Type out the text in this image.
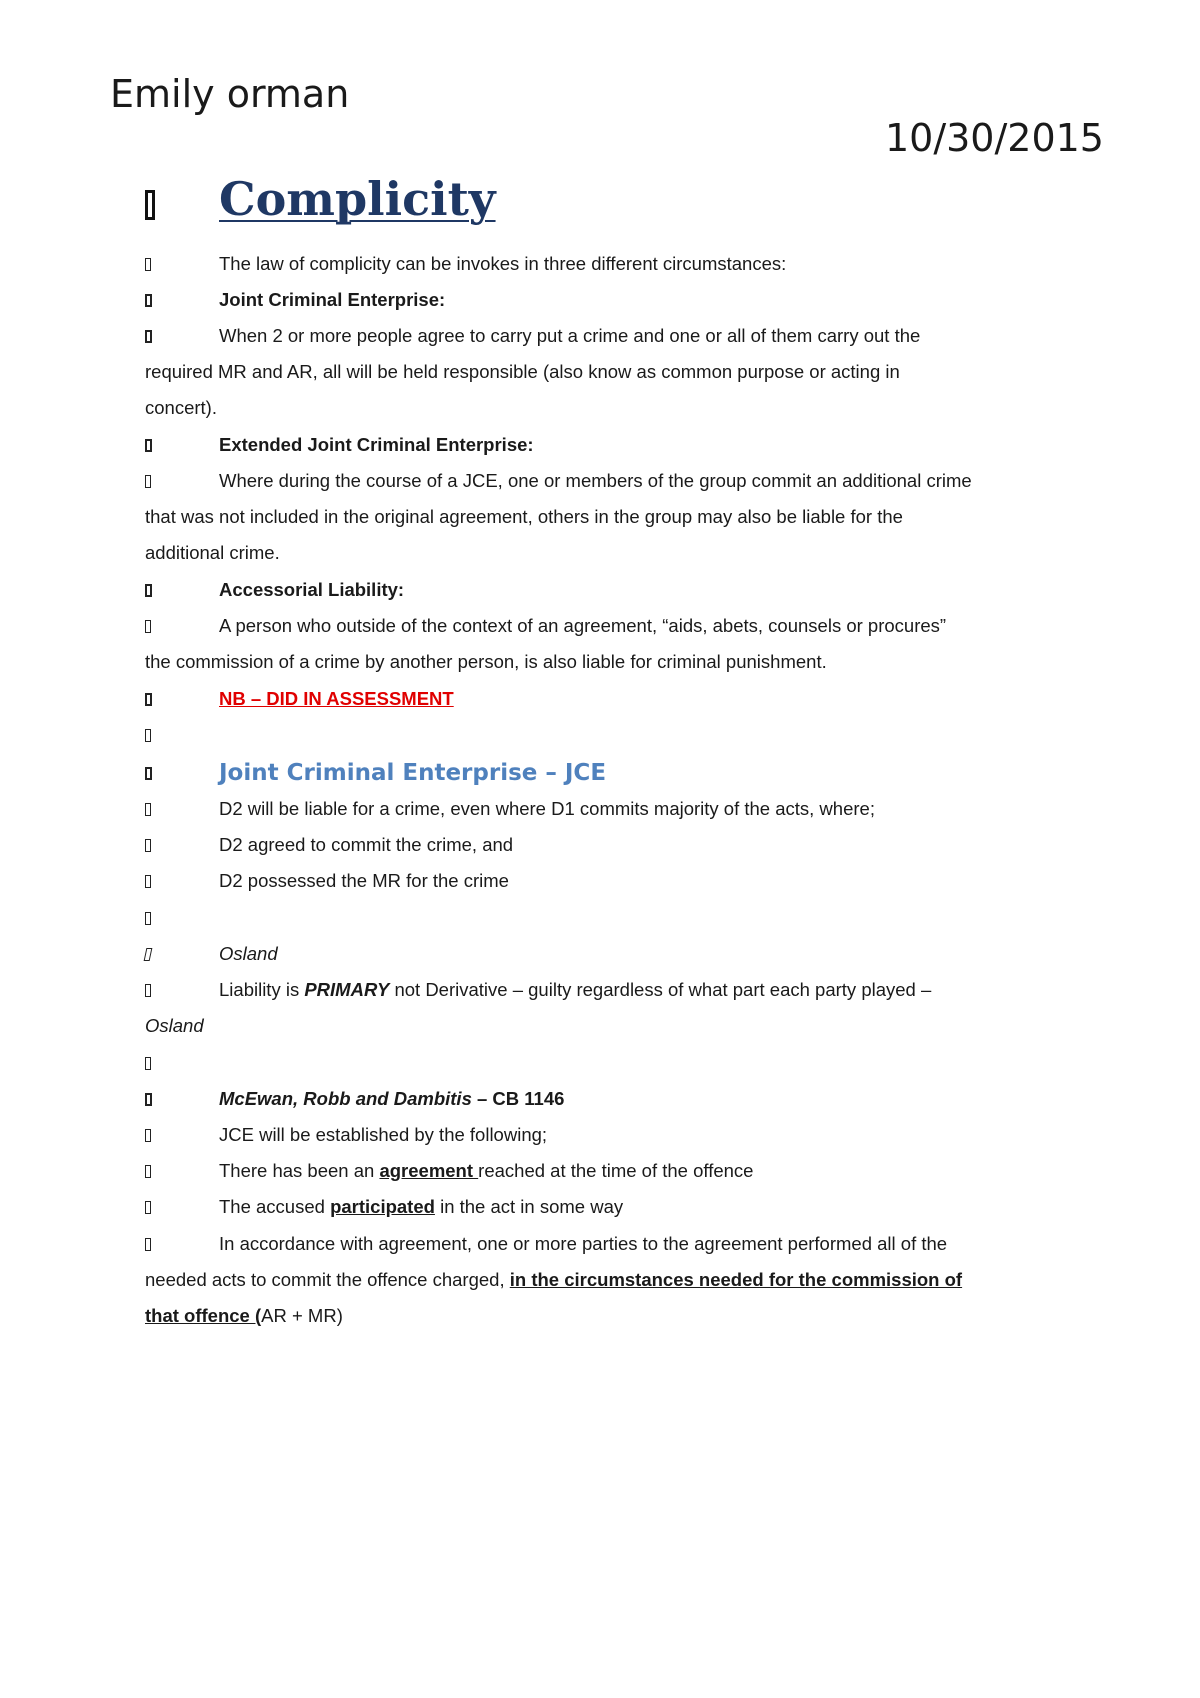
Emily orman
10/30/2015
Complicity
The law of complicity can be invokes in three different circumstances:
Joint Criminal Enterprise:
When 2 or more people agree to carry put a crime and one or all of them carry out the
required MR and AR, all will be held responsible (also know as common purpose or acting in
concert).
Extended Joint Criminal Enterprise:
Where during the course of a JCE, one or members of the group commit an additional crime
that was not included in the original agreement, others in the group may also be liable for the
additional crime.
Accessorial Liability:
A person who outside of the context of an agreement, “aids, abets, counsels or procures”
the commission of a crime by another person, is also liable for criminal punishment.
NB – DID IN ASSESSMENT
Joint Criminal Enterprise – JCE
D2 will be liable for a crime, even where D1 commits majority of the acts, where;
D2 agreed to commit the crime, and
D2 possessed the MR for the crime
Osland
Liability is PRIMARY not Derivative – guilty regardless of what part each party played –
Osland
McEwan, Robb and Dambitis – CB 1146
JCE will be established by the following;
There has been an agreement reached at the time of the offence
The accused participated in the act in some way
In accordance with agreement, one or more parties to the agreement performed all of the
needed acts to commit the offence charged, in the circumstances needed for the commission of
that offence (AR + MR)
